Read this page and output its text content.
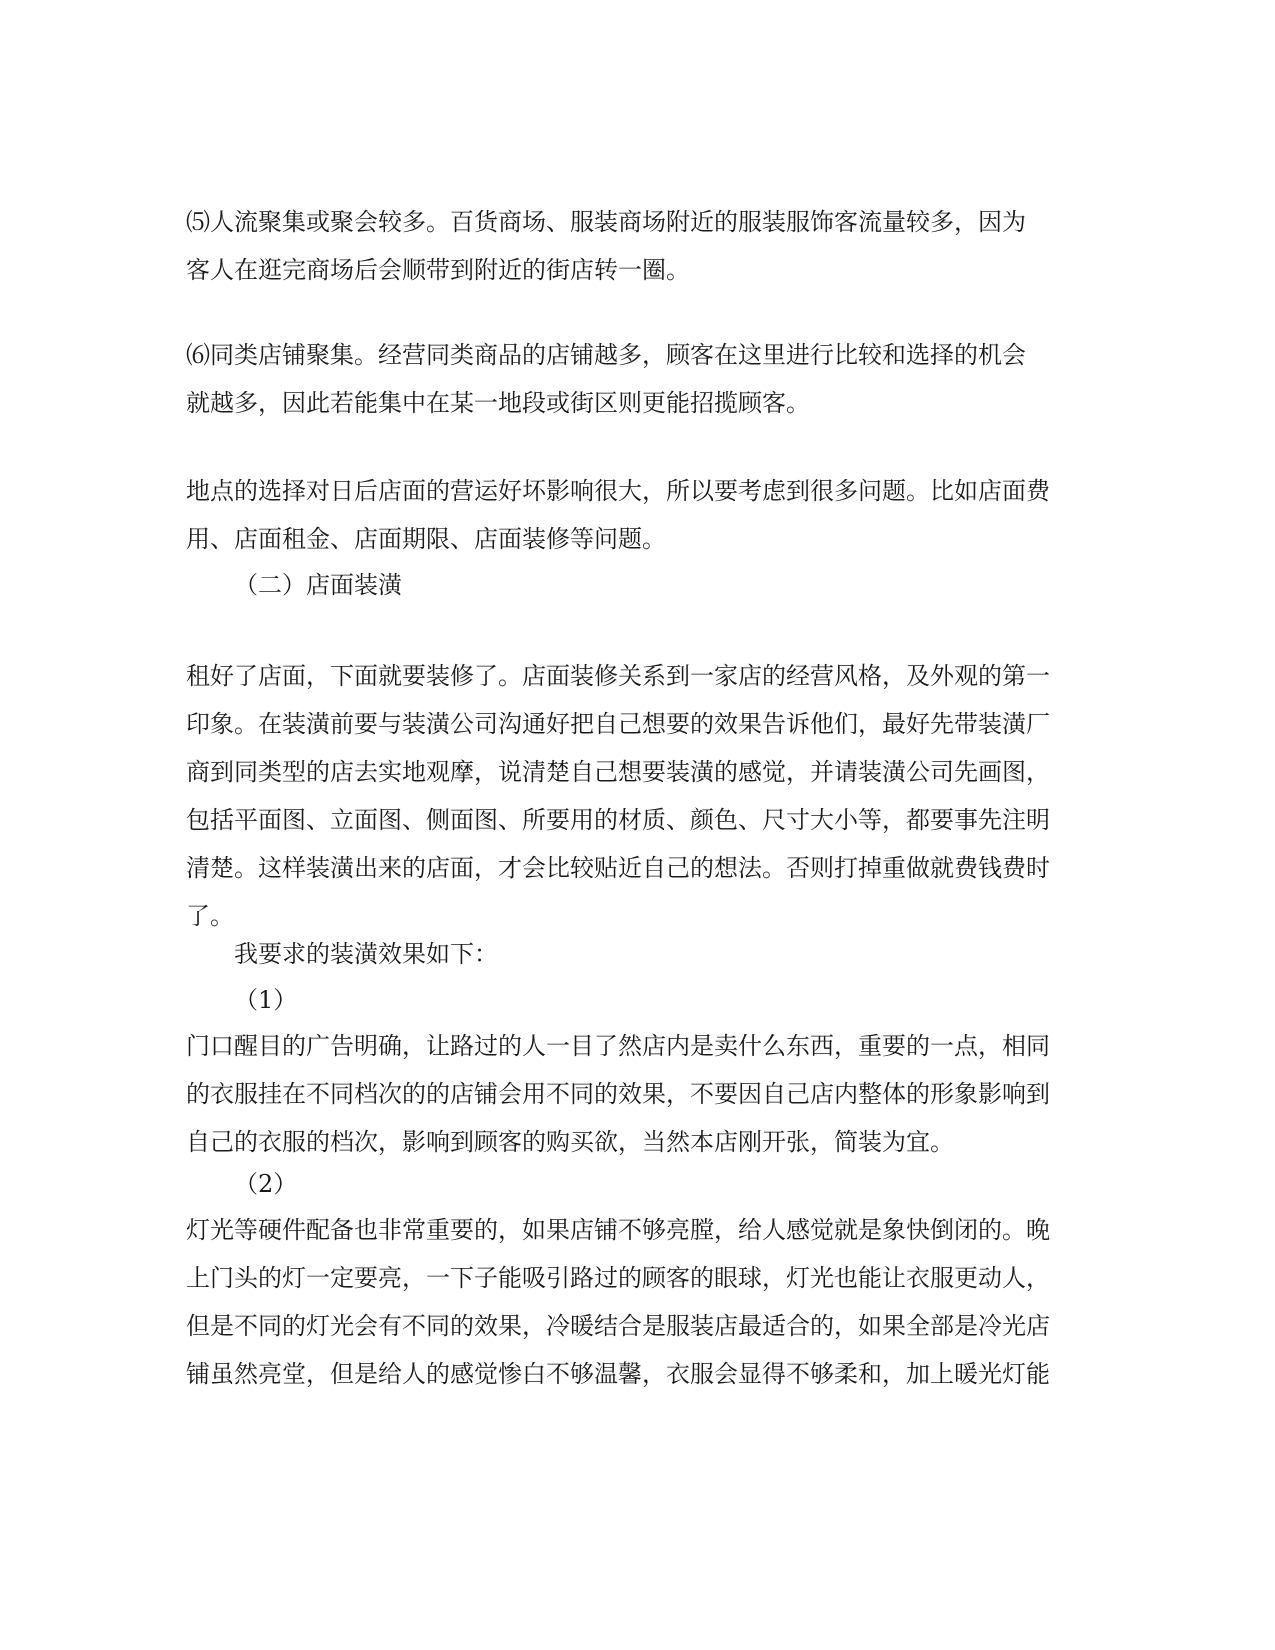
⑸人流聚集或聚会较多。百货商场、服装商场附近的服装服饰客流量较多，因为
客人在逛完商场后会顺带到附近的街店转一圈。
⑹同类店铺聚集。经营同类商品的店铺越多，顾客在这里进行比较和选择的机会
就越多，因此若能集中在某一地段或街区则更能招揽顾客。
地点的选择对日后店面的营运好坏影响很大，所以要考虑到很多问题。比如店面费
用、店面租金、店面期限、店面装修等问题。
（二）店面装潢
租好了店面，下面就要装修了。店面装修关系到一家店的经营风格，及外观的第一
印象。在装潢前要与装潢公司沟通好把自己想要的效果告诉他们，最好先带装潢厂
商到同类型的店去实地观摩，说清楚自己想要装潢的感觉，并请装潢公司先画图，
包括平面图、立面图、侧面图、所要用的材质、颜色、尺寸大小等，都要事先注明
清楚。这样装潢出来的店面，才会比较贴近自己的想法。否则打掉重做就费钱费时
了。
我要求的装潢效果如下：
（1）
门口醒目的广告明确，让路过的人一目了然店内是卖什么东西，重要的一点，相同
的衣服挂在不同档次的的店铺会用不同的效果，不要因自己店内整体的形象影响到
自己的衣服的档次，影响到顾客的购买欲，当然本店刚开张，简装为宜。
（2）
灯光等硬件配备也非常重要的，如果店铺不够亮膛，给人感觉就是象快倒闭的。晚
上门头的灯一定要亮，一下子能吸引路过的顾客的眼球，灯光也能让衣服更动人，
但是不同的灯光会有不同的效果，冷暖结合是服装店最适合的，如果全部是冷光店
铺虽然亮堂，但是给人的感觉惨白不够温馨，衣服会显得不够柔和，加上暖光灯能
